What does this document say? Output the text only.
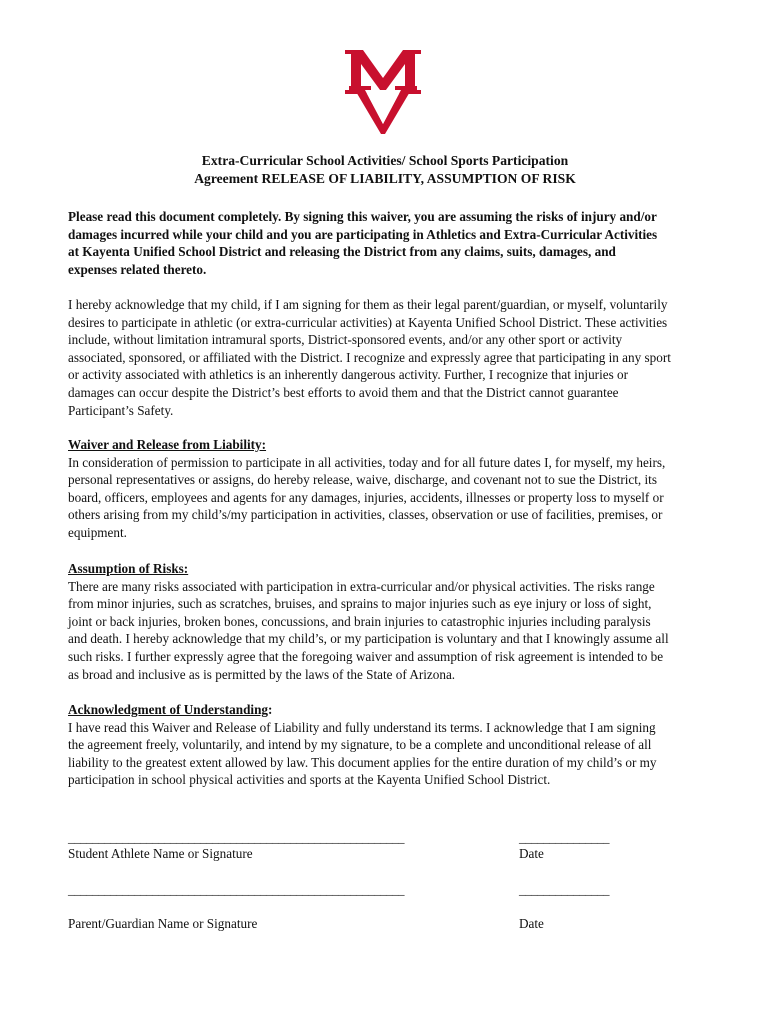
Extra-Curricular School Activities/ School Sports Participation
Agreement RELEASE OF LIABILITY, ASSUMPTION OF RISK
Please read this document completely. By signing this waiver, you are assuming the risks of injury and/or
damages incurred while your child and you are participating in Athletics and Extra-Curricular Activities
at Kayenta Unified School District and releasing the District from any claims, suits, damages, and
expenses related thereto.
I hereby acknowledge that my child, if I am signing for them as their legal parent/guardian, or myself, voluntarily
desires to participate in athletic (or extra-curricular activities) at Kayenta Unified School District. These activities
include, without limitation intramural sports, District-sponsored events, and/or any other sport or activity
associated, sponsored, or affiliated with the District. I recognize and expressly agree that participating in any sport
or activity associated with athletics is an inherently dangerous activity. Further, I recognize that injuries or
damages can occur despite the District’s best efforts to avoid them and that the District cannot guarantee
Participant’s Safety.
Waiver and Release from Liability:
In consideration of permission to participate in all activities, today and for all future dates I, for myself, my heirs,
personal representatives or assigns, do hereby release, waive, discharge, and covenant not to sue the District, its
board, officers, employees and agents for any damages, injuries, accidents, illnesses or property loss to myself or
others arising from my child’s/my participation in activities, classes, observation or use of facilities, premises, or
equipment.
Assumption of Risks:
There are many risks associated with participation in extra-curricular and/or physical activities. The risks range
from minor injuries, such as scratches, bruises, and sprains to major injuries such as eye injury or loss of sight,
joint or back injuries, broken bones, concussions, and brain injuries to catastrophic injuries including paralysis
and death. I hereby acknowledge that my child’s, or my participation is voluntary and that I knowingly assume all
such risks. I further expressly agree that the foregoing waiver and assumption of risk agreement is intended to be
as broad and inclusive as is permitted by the laws of the State of Arizona.
Acknowledgment of Understanding:
I have read this Waiver and Release of Liability and fully understand its terms. I acknowledge that I am signing
the agreement freely, voluntarily, and intend by my signature, to be a complete and unconditional release of all
liability to the greatest extent allowed by law. This document applies for the entire duration of my child’s or my
participation in school physical activities and sports at the Kayenta Unified School District.
________________________________________________________	_______________
Student Athlete Name or Signature	Date
________________________________________________________	_______________
Parent/Guardian Name or Signature	Date
